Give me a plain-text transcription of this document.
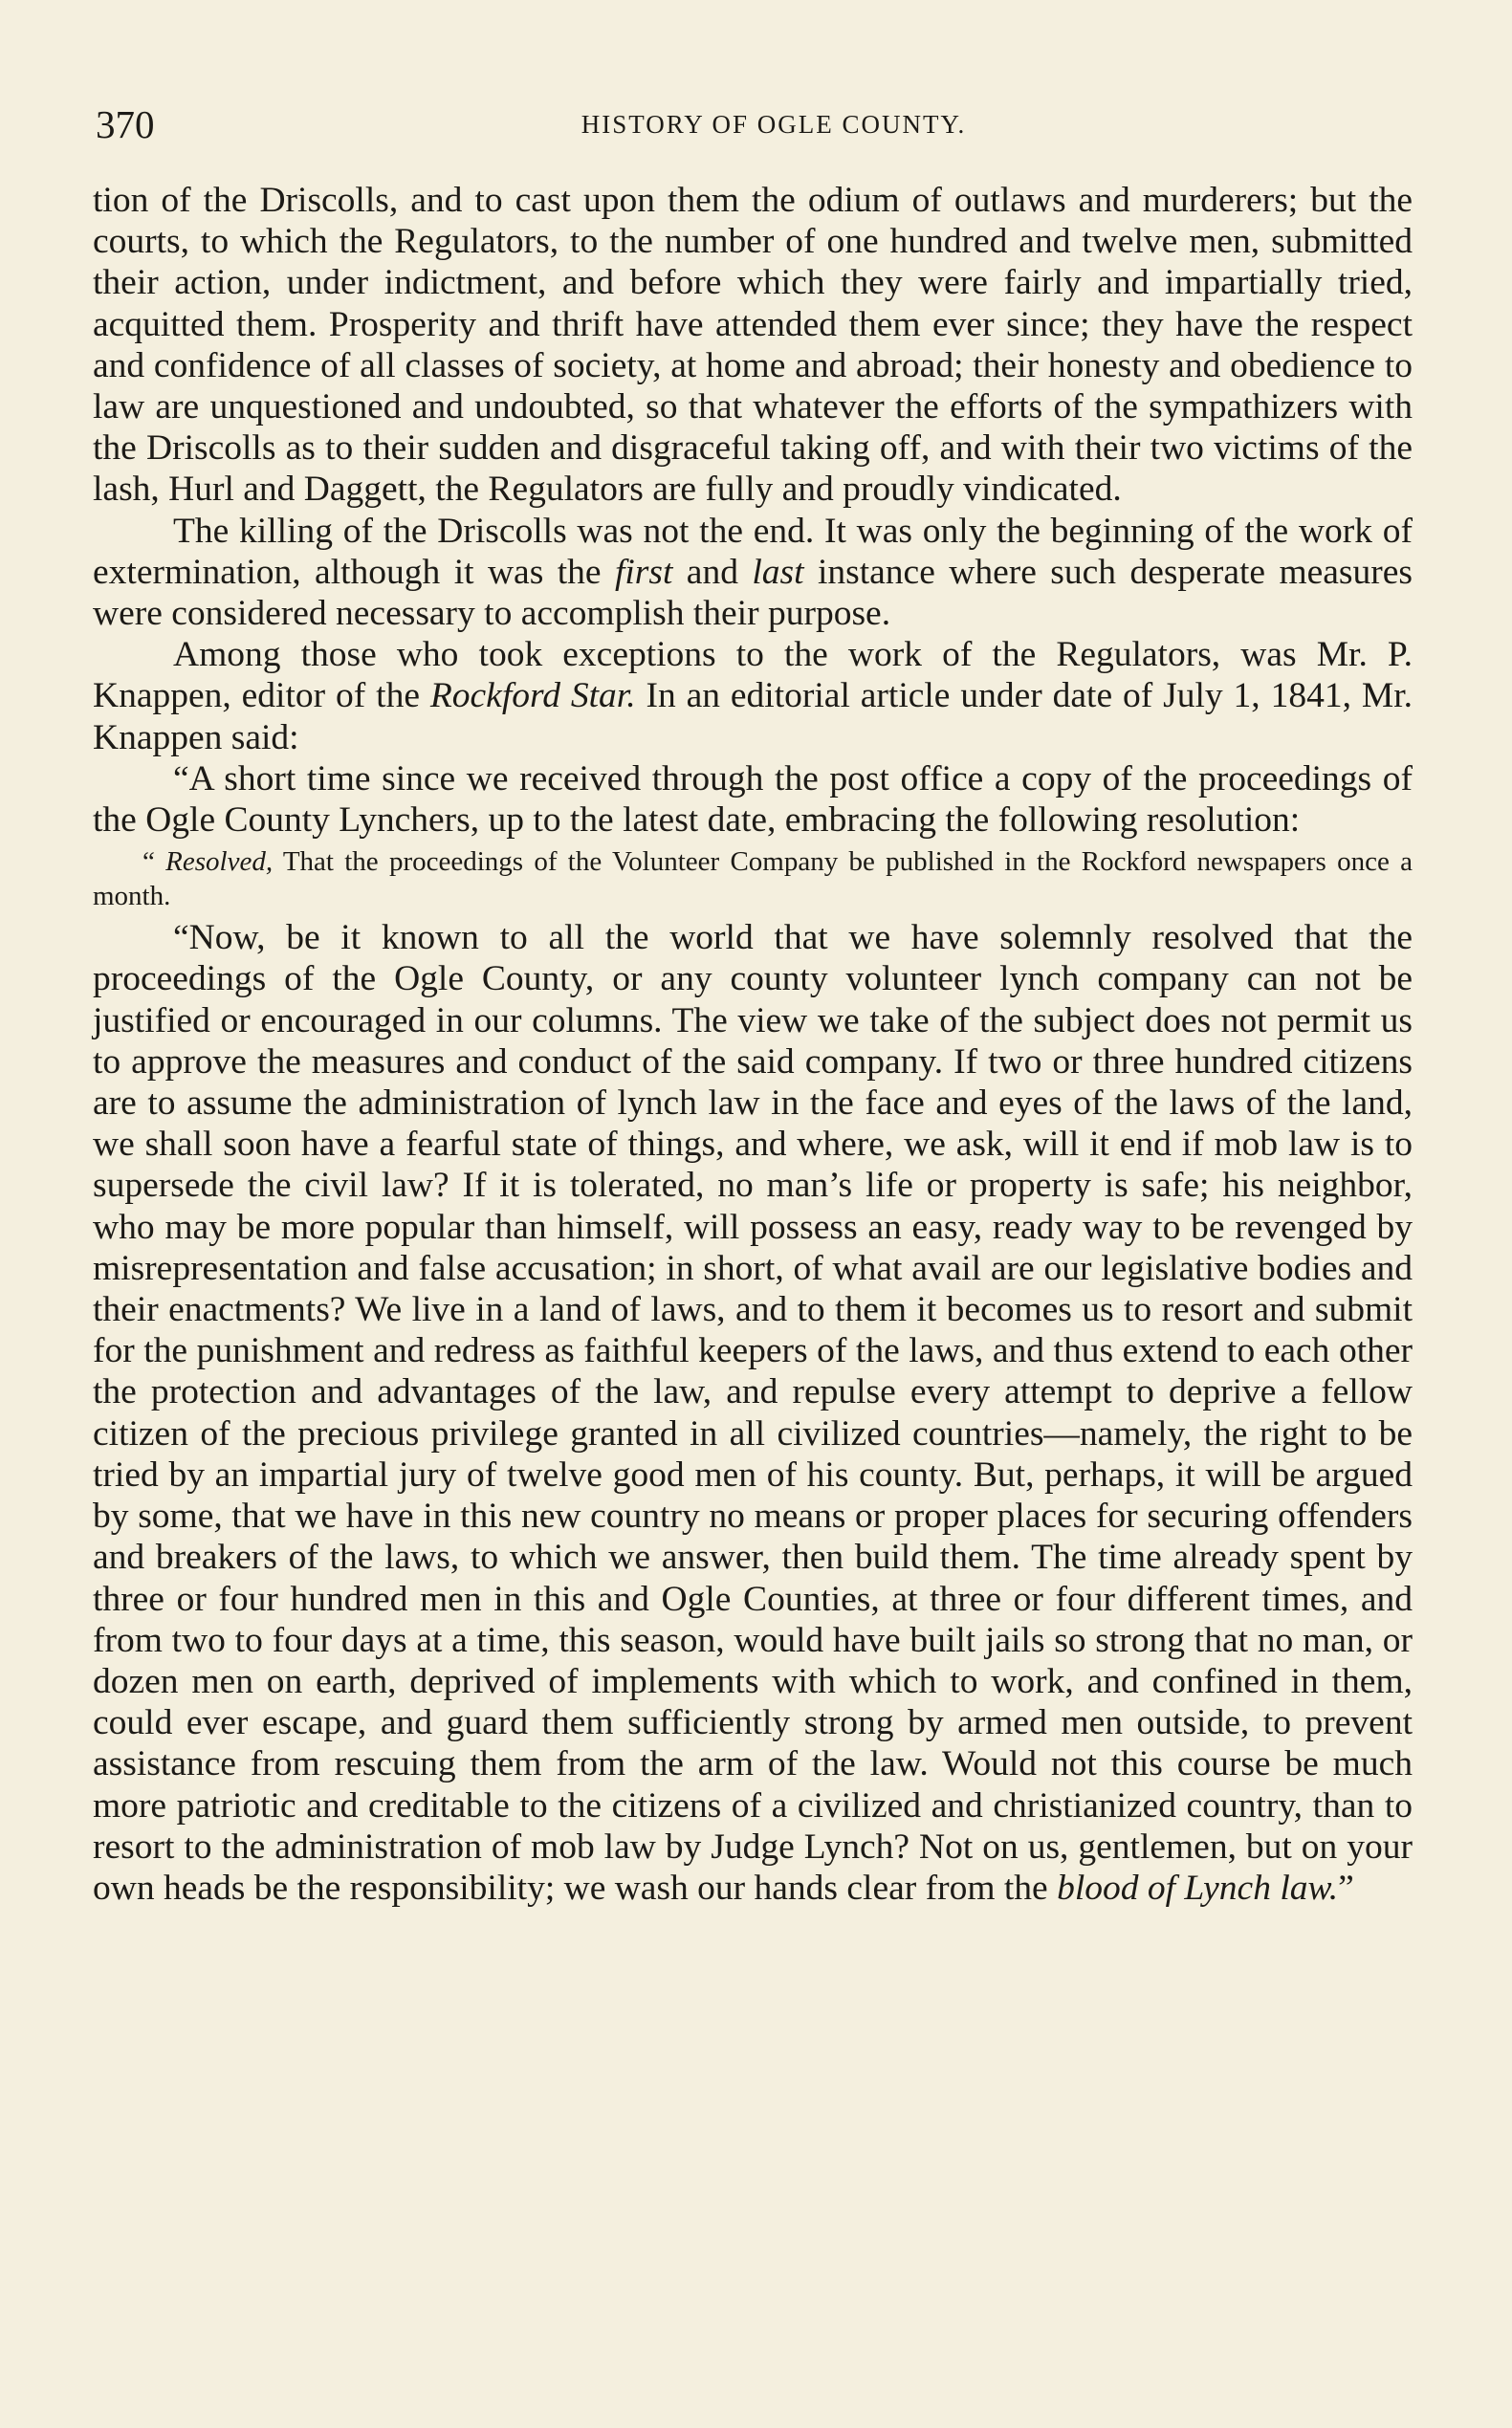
370	HISTORY OF OGLE COUNTY.

tion of the Driscolls, and to cast upon them the odium of outlaws and murderers; but the courts, to which the Regulators, to the number of one hundred and twelve men, submitted their action, under indictment, and before which they were fairly and impartially tried, acquitted them. Prosperity and thrift have attended them ever since; they have the respect and confidence of all classes of society, at home and abroad; their honesty and obedience to law are unquestioned and undoubted, so that whatever the efforts of the sympathizers with the Driscolls as to their sudden and disgraceful taking off, and with their two victims of the lash, Hurl and Daggett, the Regulators are fully and proudly vindicated.

The killing of the Driscolls was not the end. It was only the beginning of the work of extermination, although it was the first and last instance where such desperate measures were considered necessary to accomplish their purpose.

Among those who took exceptions to the work of the Regulators, was Mr. P. Knappen, editor of the Rockford Star. In an editorial article under date of July 1, 1841, Mr. Knappen said:

“A short time since we received through the post office a copy of the proceedings of the Ogle County Lynchers, up to the latest date, embracing the following resolution:

“ Resolved, That the proceedings of the Volunteer Company be published in the Rockford newspapers once a month.

“Now, be it known to all the world that we have solemnly resolved that the proceedings of the Ogle County, or any county volunteer lynch company can not be justified or encouraged in our columns. The view we take of the subject does not permit us to approve the measures and conduct of the said company. If two or three hundred citizens are to assume the administration of lynch law in the face and eyes of the laws of the land, we shall soon have a fearful state of things, and where, we ask, will it end if mob law is to supersede the civil law? If it is tolerated, no man’s life or property is safe; his neighbor, who may be more popular than himself, will possess an easy, ready way to be revenged by misrepresentation and false accusation; in short, of what avail are our legislative bodies and their enactments? We live in a land of laws, and to them it becomes us to resort and submit for the punishment and redress as faithful keepers of the laws, and thus extend to each other the protection and advantages of the law, and repulse every attempt to deprive a fellow citizen of the precious privilege granted in all civilized countries—namely, the right to be tried by an impartial jury of twelve good men of his county. But, perhaps, it will be argued by some, that we have in this new country no means or proper places for securing offenders and breakers of the laws, to which we answer, then build them. The time already spent by three or four hundred men in this and Ogle Counties, at three or four different times, and from two to four days at a time, this season, would have built jails so strong that no man, or dozen men on earth, deprived of implements with which to work, and confined in them, could ever escape, and guard them sufficiently strong by armed men outside, to prevent assistance from rescuing them from the arm of the law. Would not this course be much more patriotic and creditable to the citizens of a civilized and christianized country, than to resort to the administration of mob law by Judge Lynch? Not on us, gentlemen, but on your own heads be the responsibility; we wash our hands clear from the blood of Lynch law.”
